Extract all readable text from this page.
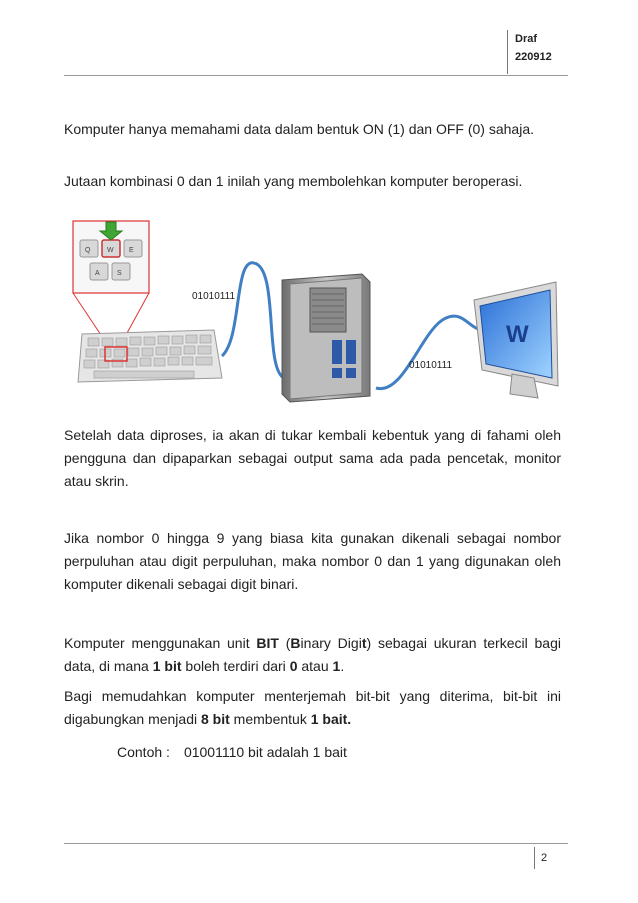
Draf
220912
Komputer hanya memahami data dalam bentuk ON (1) dan OFF (0) sahaja.
Jutaan kombinasi 0 dan 1 inilah yang membolehkan komputer beroperasi.
Q W E
A S
01010111
01010111
W
Setelah data diproses, ia akan di tukar kembali kebentuk yang di fahami oleh pengguna dan dipaparkan sebagai output sama ada pada pencetak, monitor atau skrin.
Jika nombor 0 hingga 9 yang biasa kita gunakan dikenali sebagai nombor perpuluhan atau digit perpuluhan, maka nombor 0 dan 1 yang digunakan oleh komputer dikenali sebagai digit binari.
Komputer menggunakan unit BIT (Binary Digit) sebagai ukuran terkecil bagi data, di mana 1 bit boleh terdiri dari 0 atau 1.
Bagi memudahkan komputer menterjemah bit-bit yang diterima, bit-bit ini digabungkan menjadi 8 bit membentuk 1 bait.
Contoh : 01001110 bit adalah 1 bait
2
